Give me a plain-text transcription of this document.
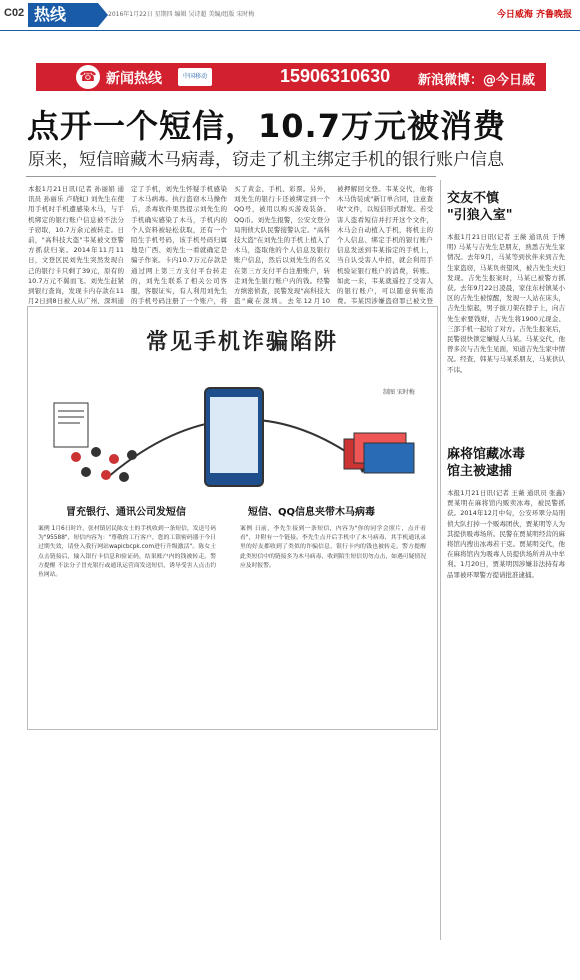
C02 热线	2016年1月22日 星期四 编辑 吴诗超 美编/组版 宋时梅	今日威海 齐鲁晚报
☎ 新闻热线	中国移动	15906310630 新浪微博：@今日威海
点开一个短信，10.7万元被消费
原来，短信暗藏木马病毒，窃走了机主绑定手机的银行账户信息
本报1月21日讯(记者 孙丽娟 通讯员 孙丽乐 卢晓虹) 刘先生在使用手机时手机遭感染木马，与手机绑定的银行账户信息被不法分子窃取，10.7万余元被转走。日前，"高科技大盗"韦某被文登警方抓获归案。2014年11月11日，文登区民刘先生突然发现自己的银行卡只剩了39元，原有的10.7万元不翼而飞。刘先生赶紧到银行查询，发现卡内存款在11月2日到8日被人从广州、深圳通
定了手机，刘先生怀疑手机感染了木马病毒。执行盗窃木马操作后，杀毒软件果然提示刘先生的手机确实感染了木马，手机内的个人资料被轻松获取，还有一个陌生手机号码，该手机号码归属地是广西、刘先生一看就确定是骗子作案。卡内10.7万元存款是通过网上第三方支付平台转走的，刘先生联系了相关公司客服，客服证实，有人利用刘先生的手机号码注册了一个账户，将
买了黄金、手机、彩票。另外，刘先生的银行卡还被绑定到一个QQ号，被用以购买游戏装备、QQ币。刘先生报警，公安文登分局刑侦大队民警接警认定。"高科技大盗"在刘先生的手机上植入了木马，盗取他的个人信息及银行账户信息，然后以刘先生的名义在第三方支付平台注册账户，转走刘先生银行账户内的钱。经警方缜密侦查，民警发现"高科技大盗"藏在深圳。去年12月10
被押解回文登。韦某交代，他将木马伪装成"新订单合同，注意查收"文件，以短信形式群发。若受害人盗看短信并打开这个文件，木马会自动植入手机，将机主的个人信息、绑定手机的银行账户信息发送到韦某指定的手机上，当自认受害人中招，就会利用手机验证银行账户的消费，转账。如此一来，韦某就遥控了受害人的银行账户，可以随意转账消费。韦某因涉嫌盗窃罪已被文登
交友不慎
"引狼入室"
本报1月21日讯(记者 王薇 通讯员 于博明) 马某与吉先生是朋友，熟悉吉先生家情况。去年9月，马某等到伙伴来到吉先生家盗窃，马某负责望风，被吉先生夫妇发现。吉先生报案时，马某已被警方抓获。去年9月22日凌晨，家住东村镇某小区的吉先生被惊醒，发现一人站在床头，吉先生惊起，男子拔刀架在脖子上，向吉先生索要钱财，吉先生将1900元现金、三部手机一起给了对方。吉先生报案后，民警很快锁定嫌疑人马某。马某交代，他曾多次与吉先生见面，知道吉先生家中情况。经查，韩某与马某系朋友，马某供认不讳。
麻将馆藏冰毒
馆主被逮捕
本报1月21日讯(记者 王薇 通讯员 张鑫) 贾某明在麻将馆内贩卖冰毒，被民警抓获。2014年12月中旬，公安环翠分局刑侦大队打掉一个贩毒团伙，贾某明等人为其提供吸毒场所。民警在贾某明经营的麻将馆内搜出冰毒若干克。贾某明交代，他在麻将馆内为吸毒人员提供场所并从中牟利。1月20日，贾某明因涉嫌非法持有毒品罪被环翠警方提请批准逮捕。
常见手机诈骗陷阱
制图 宋时梅
冒充银行、通讯公司发短信	短信、QQ信息夹带木马病毒
案例 1月6日时许，张村镇居民陈女士的手机收到一条短信，发送号码为"95588"，短信内容为："尊敬的工行客户，您的工银密码器于今日过期失效，请登入我行网站wapicbcpk.com进行升级激活"。陈女士点击链接后，输入银行卡信息和验证码，结果账户内的钱被转走。警方提醒 不法分子冒充银行或通讯运营商发送短信，诱导受害人点击钓鱼网站。
案例 日前，李先生接到一条短信，内容为"你的同学会照片，点开看看"，并附有一个链接。李先生点开后手机中了木马病毒，其手机通讯录里的好友都收到了类似的诈骗信息，银行卡内的钱也被转走。警方提醒 此类短信中的链接多为木马病毒，收到陌生短信切勿点击，如遇可疑情况应及时报警。
